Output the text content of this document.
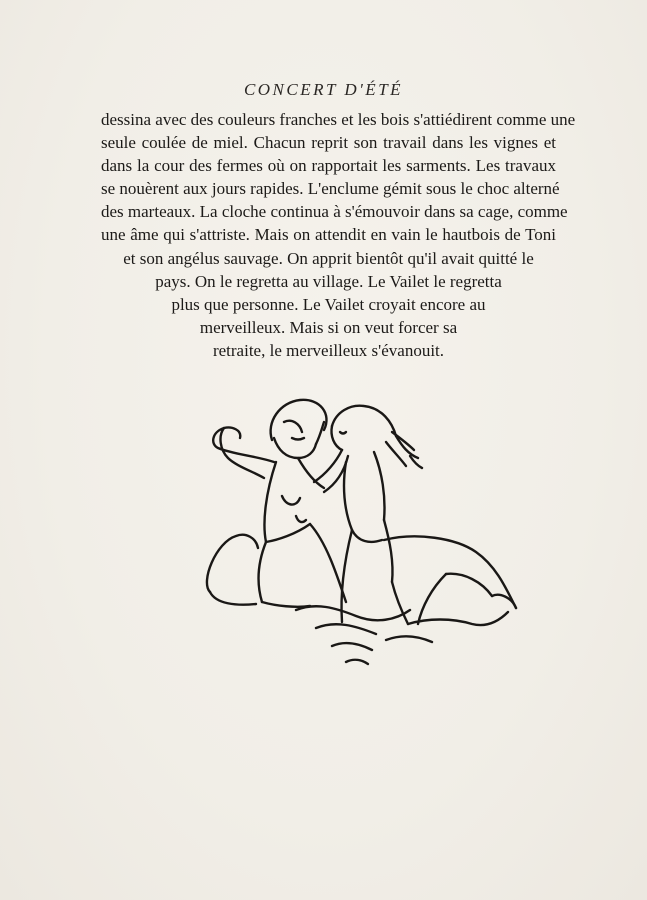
CONCERT D'ÉTÉ
dessina avec des couleurs franches et les bois s'attiédirent comme une
seule coulée de miel. Chacun reprit son travail dans les vignes et
dans la cour des fermes où on rapportait les sarments. Les travaux
se nouèrent aux jours rapides. L'enclume gémit sous le choc alterné
des marteaux. La cloche continua à s'émouvoir dans sa cage, comme
une âme qui s'attriste. Mais on attendit en vain le hautbois de Toni
et son angélus sauvage. On apprit bientôt qu'il avait quitté le
pays. On le regretta au village. Le Vailet le regretta
plus que personne. Le Vailet croyait encore au
merveilleux. Mais si on veut forcer sa
retraite, le merveilleux s'évanouit.
